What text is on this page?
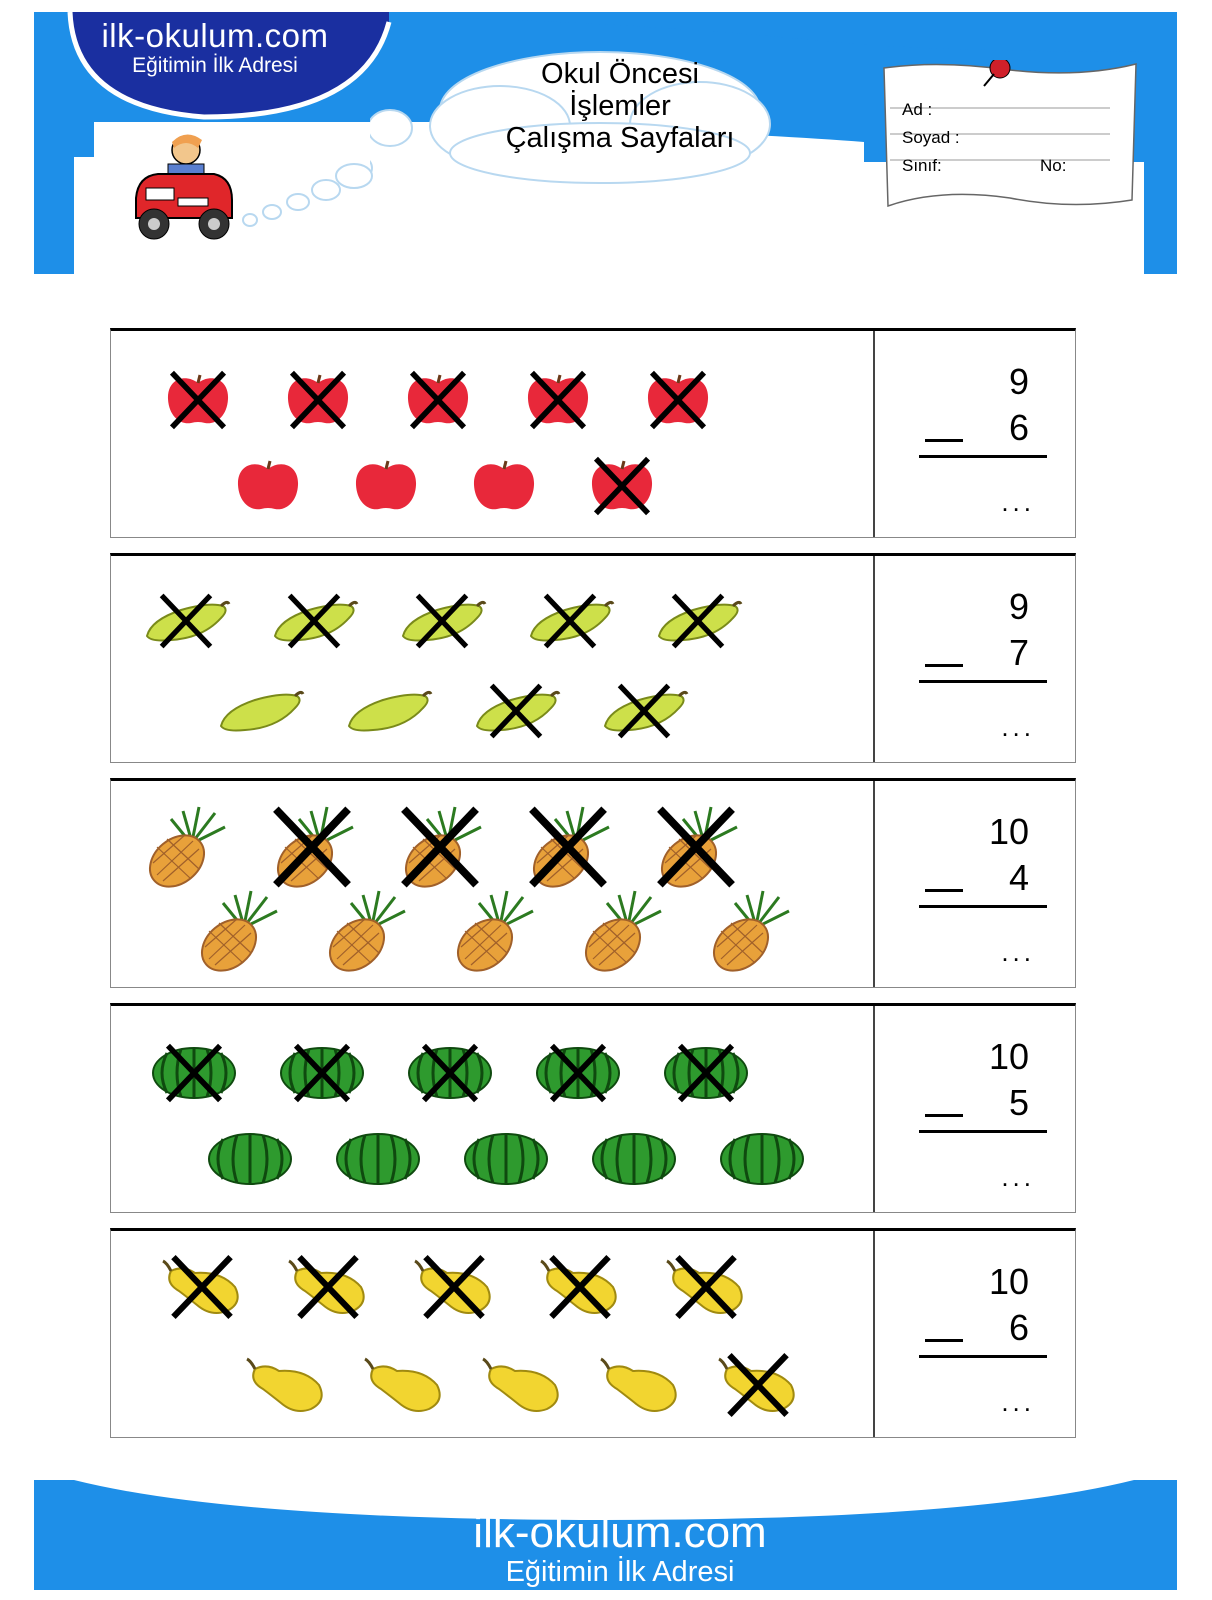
ilk-okulum.com
Eğitimin İlk Adresi	Okul Öncesi
İşlemler
Çalışma Sayfaları
Ad :
Soyad :
Sınıf:	No:
9
6
...
9
7
...
10
4
...
10
5
...
10
6
...
ilk-okulum.com
Eğitimin İlk Adresi
